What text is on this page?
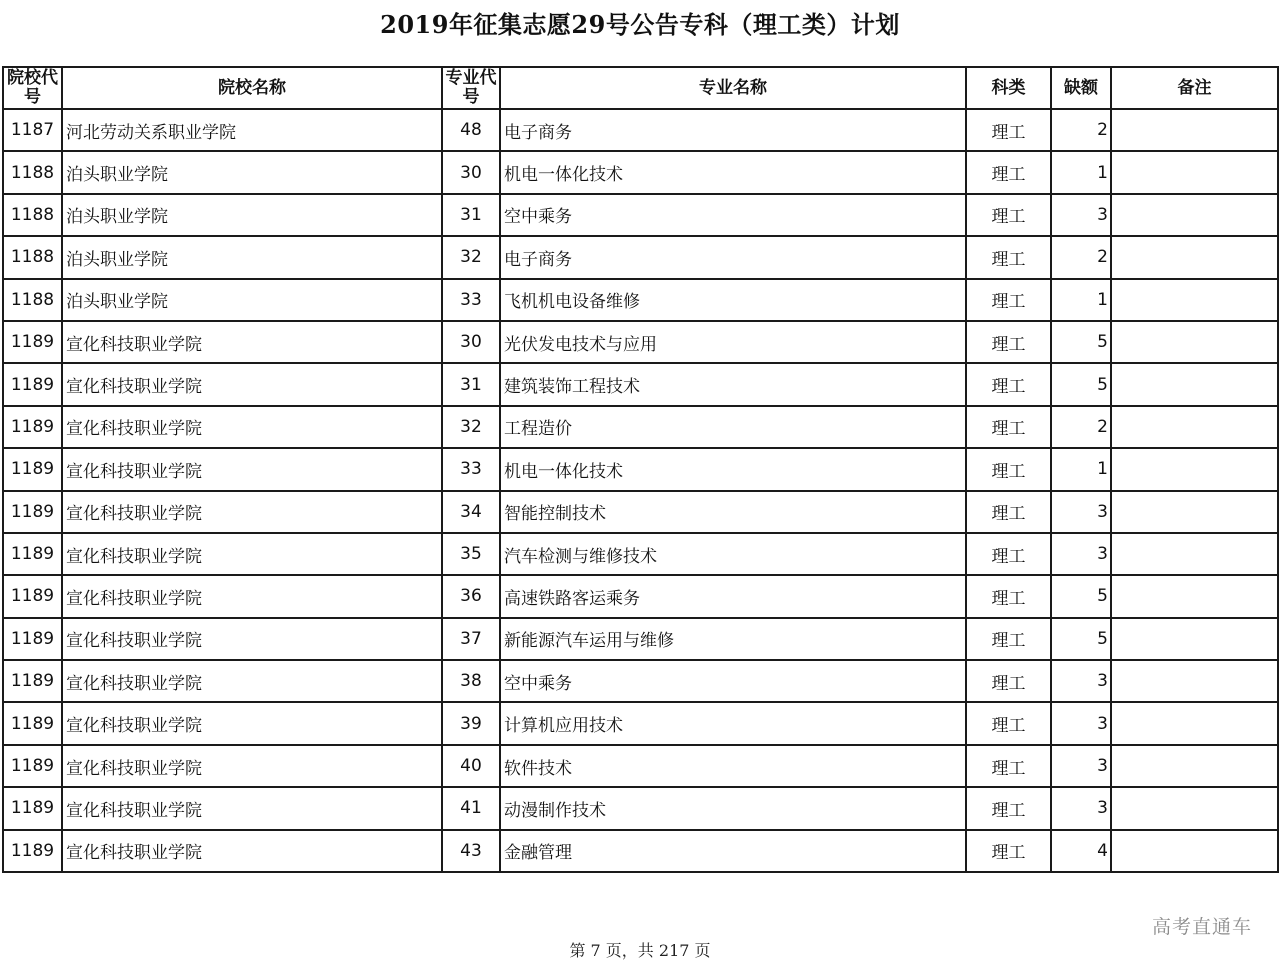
2019年征集志愿29号公告专科（理工类）计划
院校代号	院校名称	专业代号	专业名称	科类	缺额	备注
1187	河北劳动关系职业学院	48	电子商务	理工	2	
1188	泊头职业学院	30	机电一体化技术	理工	1	
1188	泊头职业学院	31	空中乘务	理工	3	
1188	泊头职业学院	32	电子商务	理工	2	
1188	泊头职业学院	33	飞机机电设备维修	理工	1	
1189	宣化科技职业学院	30	光伏发电技术与应用	理工	5	
1189	宣化科技职业学院	31	建筑装饰工程技术	理工	5	
1189	宣化科技职业学院	32	工程造价	理工	2	
1189	宣化科技职业学院	33	机电一体化技术	理工	1	
1189	宣化科技职业学院	34	智能控制技术	理工	3	
1189	宣化科技职业学院	35	汽车检测与维修技术	理工	3	
1189	宣化科技职业学院	36	高速铁路客运乘务	理工	5	
1189	宣化科技职业学院	37	新能源汽车运用与维修	理工	5	
1189	宣化科技职业学院	38	空中乘务	理工	3	
1189	宣化科技职业学院	39	计算机应用技术	理工	3	
1189	宣化科技职业学院	40	软件技术	理工	3	
1189	宣化科技职业学院	41	动漫制作技术	理工	3	
1189	宣化科技职业学院	43	金融管理	理工	4	
高考直通车
第 7 页，共 217 页
